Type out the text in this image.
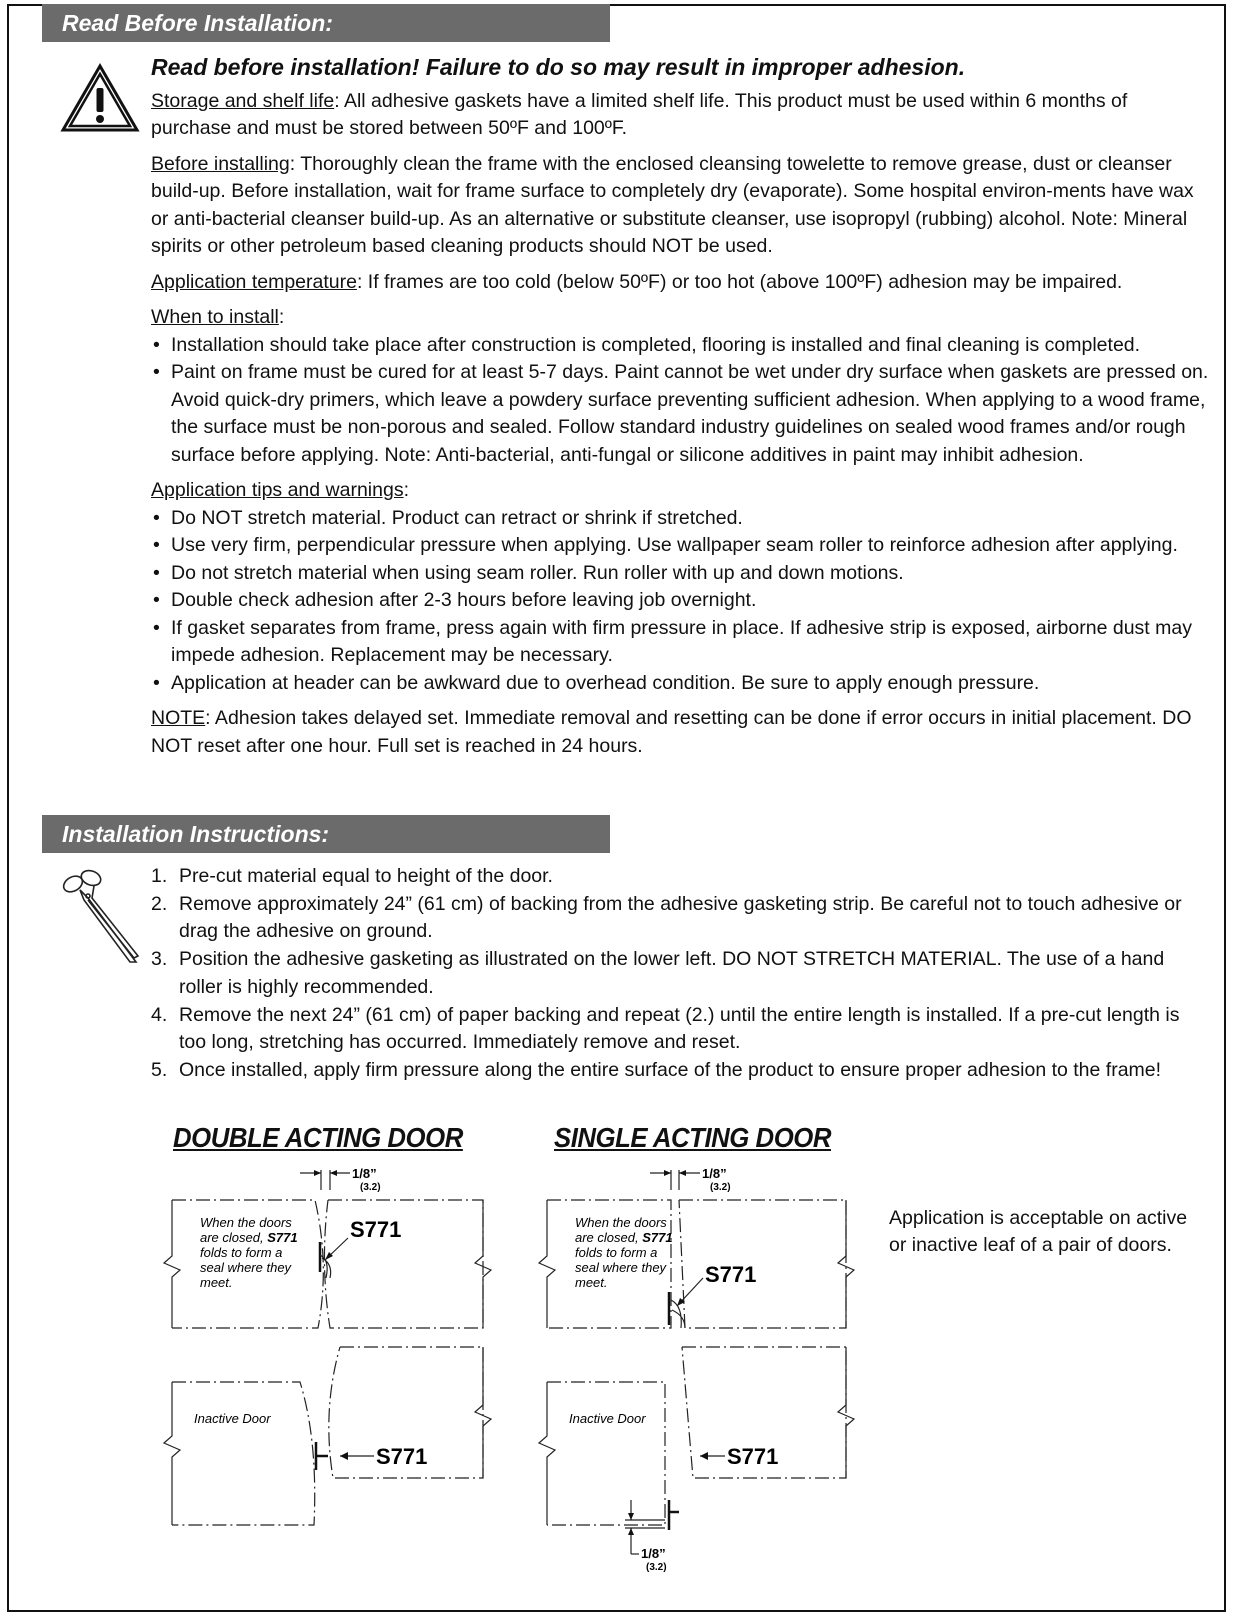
Read Before Installation:

Read before installation! Failure to do so may result in improper adhesion.

Storage and shelf life: All adhesive gaskets have a limited shelf life. This product must be used within 6 months of purchase and must be stored between 50ºF and 100ºF.

Before installing: Thoroughly clean the frame with the enclosed cleansing towelette to remove grease, dust or cleanser build-up. Before installation, wait for frame surface to completely dry (evaporate). Some hospital environ-ments have wax or anti-bacterial cleanser build-up. As an alternative or substitute cleanser, use isopropyl (rubbing) alcohol. Note: Mineral spirits or other petroleum based cleaning products should NOT be used.

Application temperature: If frames are too cold (below 50ºF) or too hot (above 100ºF) adhesion may be impaired.

When to install:
• Installation should take place after construction is completed, flooring is installed and final cleaning is completed.
• Paint on frame must be cured for at least 5-7 days. Paint cannot be wet under dry surface when gaskets are pressed on. Avoid quick-dry primers, which leave a powdery surface preventing sufficient adhesion. When applying to a wood frame, the surface must be non-porous and sealed. Follow standard industry guidelines on sealed wood frames and/or rough surface before applying. Note: Anti-bacterial, anti-fungal or silicone additives in paint may inhibit adhesion.
Application tips and warnings:
• Do NOT stretch material. Product can retract or shrink if stretched.
• Use very firm, perpendicular pressure when applying. Use wallpaper seam roller to reinforce adhesion after applying.
• Do not stretch material when using seam roller. Run roller with up and down motions.
• Double check adhesion after 2-3 hours before leaving job overnight.
• If gasket separates from frame, press again with firm pressure in place. If adhesive strip is exposed, airborne dust may impede adhesion. Replacement may be necessary.
• Application at header can be awkward due to overhead condition. Be sure to apply enough pressure.

NOTE: Adhesion takes delayed set. Immediate removal and resetting can be done if error occurs in initial placement. DO NOT reset after one hour. Full set is reached in 24 hours.

Installation Instructions:
1. Pre-cut material equal to height of the door.
2. Remove approximately 24” (61 cm) of backing from the adhesive gasketing strip. Be careful not to touch adhesive or drag the adhesive on ground.
3. Position the adhesive gasketing as illustrated on the lower left. DO NOT STRETCH MATERIAL. The use of a hand roller is highly recommended.
4. Remove the next 24” (61 cm) of paper backing and repeat (2.) until the entire length is installed. If a pre-cut length is too long, stretching has occurred. Immediately remove and reset.
5. Once installed, apply firm pressure along the entire surface of the product to ensure proper adhesion to the frame!
DOUBLE ACTING DOOR	SINGLE ACTING DOOR
1/8”
(3.2)
S771
When the doors
are closed, S771
folds to form a
seal where they
meet.
Inactive Door
S771
1/8”
(3.2)
S771
When the doors
are closed, S771
folds to form a
seal where they
meet.
Inactive Door
S771
1/8”
(3.2)
Application is acceptable on active or inactive leaf of a pair of doors.
